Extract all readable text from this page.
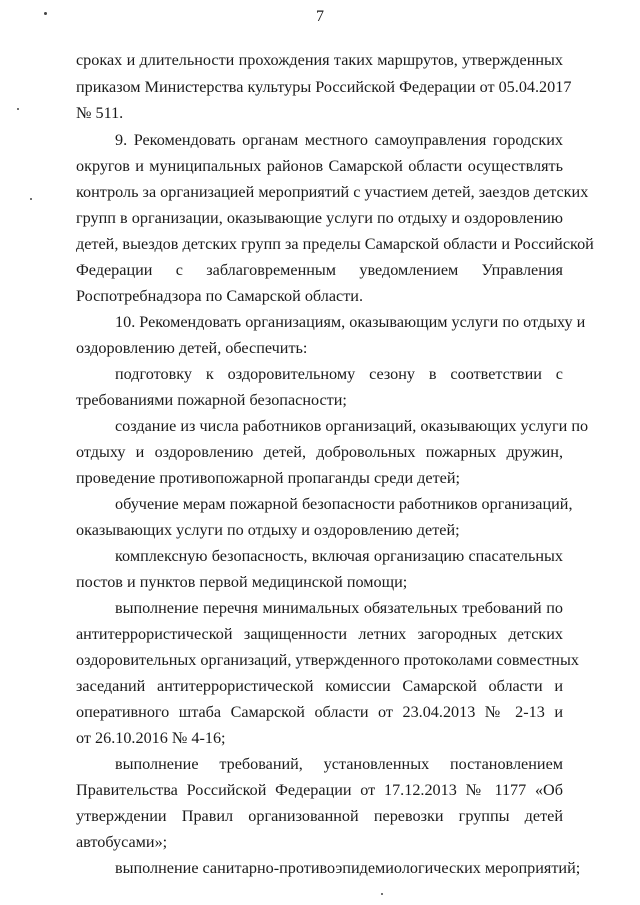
7
сроках и длительности прохождения таких маршрутов, утвержденных
приказом Министерства культуры Российской Федерации от 05.04.2017
№ 511.
9. Рекомендовать органам местного самоуправления городских
округов и муниципальных районов Самарской области осуществлять
контроль за организацией мероприятий с участием детей, заездов детских
групп в организации, оказывающие услуги по отдыху и оздоровлению
детей, выездов детских групп за пределы Самарской области и Российской
Федерации с заблаговременным уведомлением Управления
Роспотребнадзора по Самарской области.
10. Рекомендовать организациям, оказывающим услуги по отдыху и
оздоровлению детей, обеспечить:
подготовку к оздоровительному сезону в соответствии с
требованиями пожарной безопасности;
создание из числа работников организаций, оказывающих услуги по
отдыху и оздоровлению детей, добровольных пожарных дружин,
проведение противопожарной пропаганды среди детей;
обучение мерам пожарной безопасности работников организаций,
оказывающих услуги по отдыху и оздоровлению детей;
комплексную безопасность, включая организацию спасательных
постов и пунктов первой медицинской помощи;
выполнение перечня минимальных обязательных требований по
антитеррористической защищенности летних загородных детских
оздоровительных организаций, утвержденного протоколами совместных
заседаний антитеррористической комиссии Самарской области и
оперативного штаба Самарской области от 23.04.2013 № 2-13 и
от 26.10.2016 № 4-16;
выполнение требований, установленных постановлением
Правительства Российской Федерации от 17.12.2013 № 1177 «Об
утверждении Правил организованной перевозки группы детей
автобусами»;
выполнение санитарно-противоэпидемиологических мероприятий;
